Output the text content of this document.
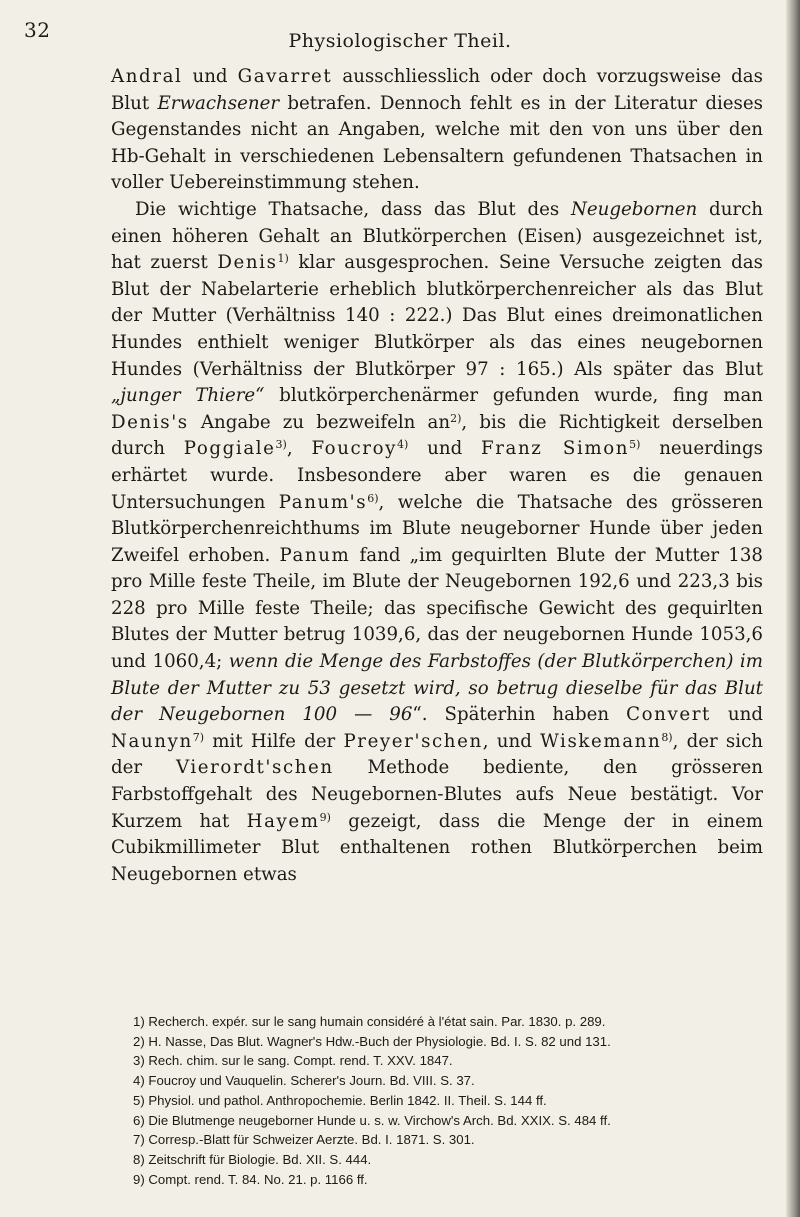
32	Physiologischer Theil.

Andral und Gavarret ausschliesslich oder doch vorzugsweise das Blut Erwachsener betrafen. Dennoch fehlt es in der Literatur dieses Gegenstandes nicht an Angaben, welche mit den von uns über den Hb-Gehalt in verschiedenen Lebensaltern gefundenen Thatsachen in voller Uebereinstimmung stehen.

Die wichtige Thatsache, dass das Blut des Neugebornen durch einen höheren Gehalt an Blutkörperchen (Eisen) ausgezeichnet ist, hat zuerst Denis$^{1)}$ klar ausgesprochen. Seine Versuche zeigten das Blut der Nabelarterie erheblich blutkörperchenreicher als das Blut der Mutter (Verhältniss 140 : 222.) Das Blut eines dreimonatlichen Hundes enthielt weniger Blutkörper als das eines neugebornen Hundes (Verhältniss der Blutkörper 97 : 165.) Als später das Blut „junger Thiere“ blutkörperchenärmer gefunden wurde, fing man Denis's Angabe zu bezweifeln $an^{2)}$, bis die Richtigkeit derselben durch Poggiale$^{3)}$, Foucroy$^{4)}$ und Franz Simon$^{5)}$ neuerdings erhärtet wurde. Insbesondere aber waren es die genauen Untersuchungen $Panum's^{6)}$, welche die Thatsache des grösseren Blutkörperchenreichthums im Blute neugeborner Hunde über jeden Zweifel erhoben. Panum fand „im gequirlten Blute der Mutter 138 pro Mille feste Theile, im Blute der Neugebornen 192,6 und 223,3 bis 228 pro Mille feste Theile; das specifische Gewicht des gequirlten Blutes der Mutter betrug 1039,6, das der neugebornen Hunde 1053,6 und 1060,4; wenn die Menge des Farbstoffes (der Blutkörperchen) im Blute der Mutter zu 53 gesetzt wird, so betrug dieselbe für das Blut der Neugebornen 100 — 96“. Späterhin haben Convert und Naunyn$^{7)}$ mit Hilfe der Preyer'schen, und Wiskemann$^{8)}$, der sich der Vierordt'schen Methode bediente, den grösseren Farbstoffgehalt des Neugebornen-Blutes aufs Neue bestätigt. Vor Kurzem hat Hayem$^{9)}$ gezeigt, dass die Menge der in einem Cubikmillimeter Blut enthaltenen rothen Blutkörperchen beim Neugebornen etwas

1) Recherch. expér. sur le sang humain considéré à l'état sain. Par. 1830. p. 289.

2) H. Nasse, Das Blut. Wagner's Hdw.-Buch der Physiologie. Bd. I. S. 82 und 131.

3) Rech. chim. sur le sang. Compt. rend. T. XXV. 1847.

4) Foucroy und Vauquelin. Scherer's Journ. Bd. VIII. S. 37.

5) Physiol. und pathol. Anthropochemie. Berlin 1842. II. Theil. S. 144 ff.

6) Die Blutmenge neugeborner Hunde u. s. w. Virchow's Arch. Bd. XXIX. S. 484 ff.

7) Corresp.-Blatt für Schweizer Aerzte. Bd. I. 1871. S. 301.

8) Zeitschrift für Biologie. Bd. XII. S. 444.

9) Compt. rend. T. 84. No. 21. p. 1166 ff.
